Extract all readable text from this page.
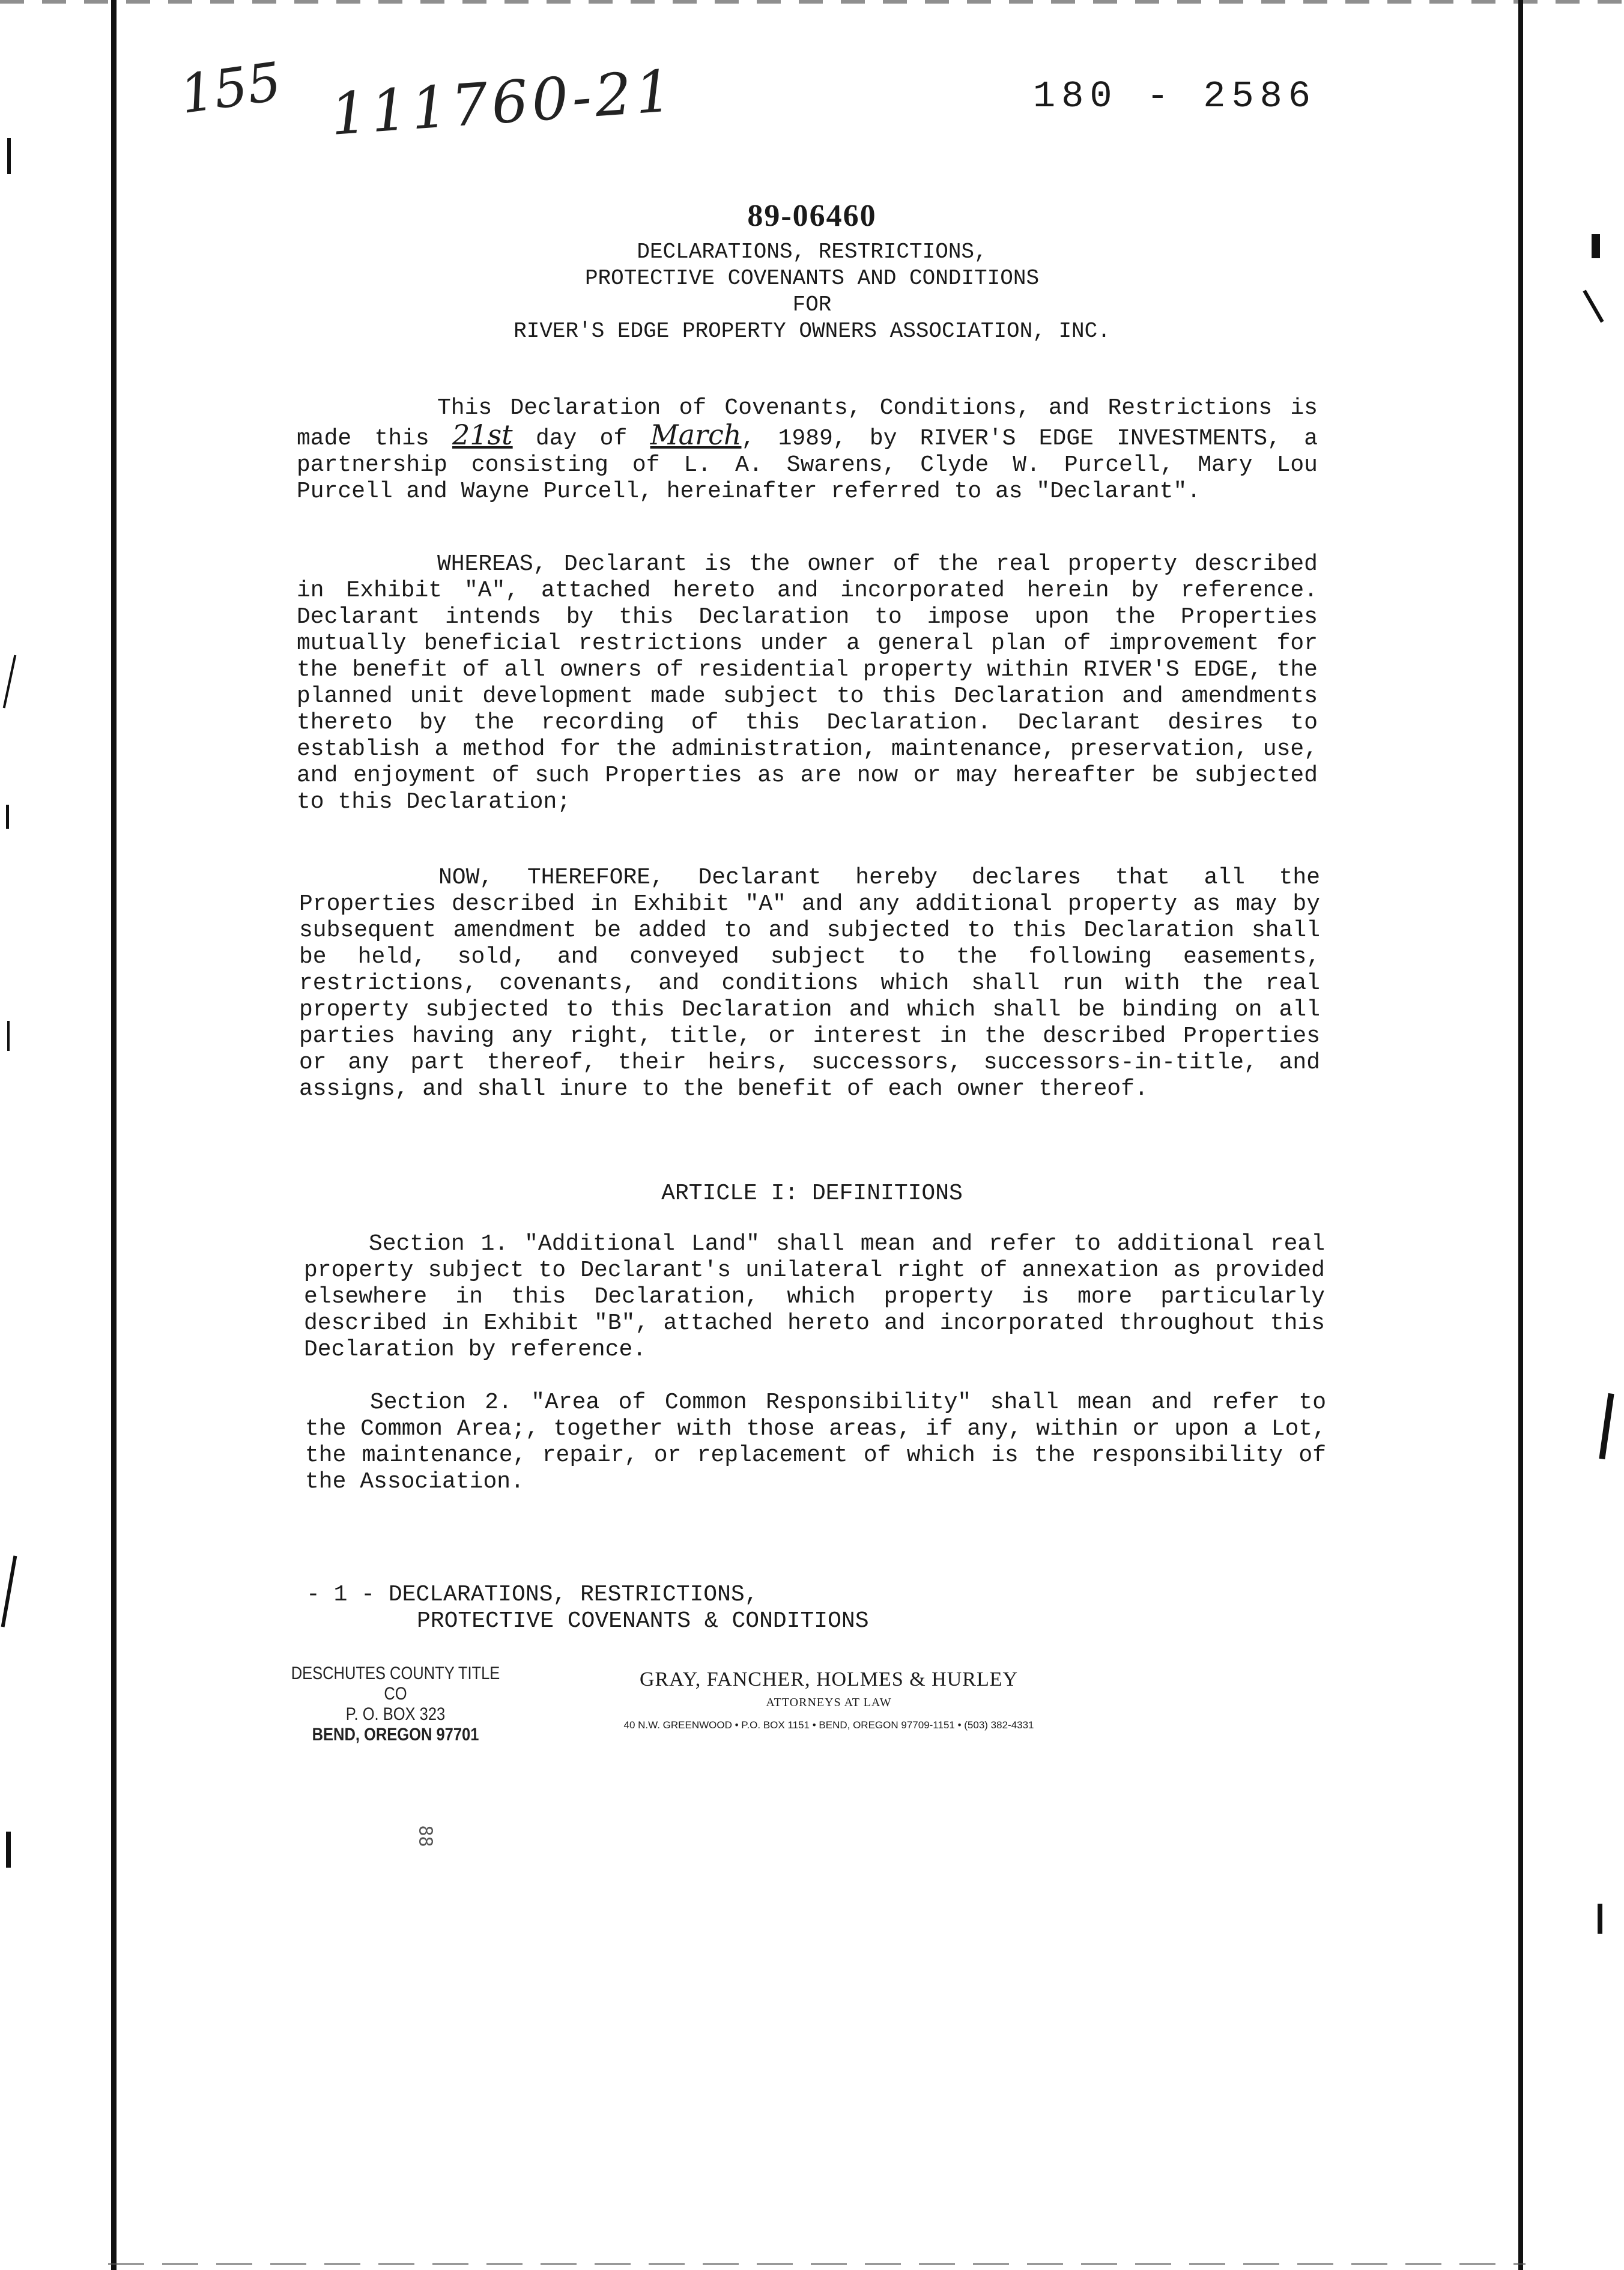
155 111760-21	180 - 2586
89-06460
DECLARATIONS, RESTRICTIONS,
PROTECTIVE COVENANTS AND CONDITIONS
FOR
RIVER'S EDGE PROPERTY OWNERS ASSOCIATION, INC.
This Declaration of Covenants, Conditions, and Restrictions is made this 21st day of March, 1989, by RIVER'S EDGE INVESTMENTS, a partnership consisting of L. A. Swarens, Clyde W. Purcell, Mary Lou Purcell and Wayne Purcell, hereinafter referred to as "Declarant".
WHEREAS, Declarant is the owner of the real property described in Exhibit "A", attached hereto and incorporated herein by reference. Declarant intends by this Declaration to impose upon the Properties mutually beneficial restrictions under a general plan of improvement for the benefit of all owners of residential property within RIVER'S EDGE, the planned unit development made subject to this Declaration and amendments thereto by the recording of this Declaration. Declarant desires to establish a method for the administration, maintenance, preservation, use, and enjoyment of such Properties as are now or may hereafter be subjected to this Declaration;
NOW, THEREFORE, Declarant hereby declares that all the Properties described in Exhibit "A" and any additional property as may by subsequent amendment be added to and subjected to this Declaration shall be held, sold, and conveyed subject to the following easements, restrictions, covenants, and conditions which shall run with the real property subjected to this Declaration and which shall be binding on all parties having any right, title, or interest in the described Properties or any part thereof, their heirs, successors, successors-in-title, and assigns, and shall inure to the benefit of each owner thereof.
ARTICLE I: DEFINITIONS
Section 1. "Additional Land" shall mean and refer to additional real property subject to Declarant's unilateral right of annexation as provided elsewhere in this Declaration, which property is more particularly described in Exhibit "B", attached hereto and incorporated throughout this Declaration by reference.
Section 2. "Area of Common Responsibility" shall mean and refer to the Common Area;, together with those areas, if any, within or upon a Lot, the maintenance, repair, or replacement of which is the responsibility of the Association.
- 1 - DECLARATIONS, RESTRICTIONS,
PROTECTIVE COVENANTS & CONDITIONS
DESCHUTES COUNTY TITLE CO
P. O. BOX 323
BEND, OREGON 97701
GRAY, FANCHER, HOLMES & HURLEY
ATTORNEYS AT LAW
40 N.W. GREENWOOD • P.O. BOX 1151 • BEND, OREGON 97709-1151 • (503) 382-4331
88
